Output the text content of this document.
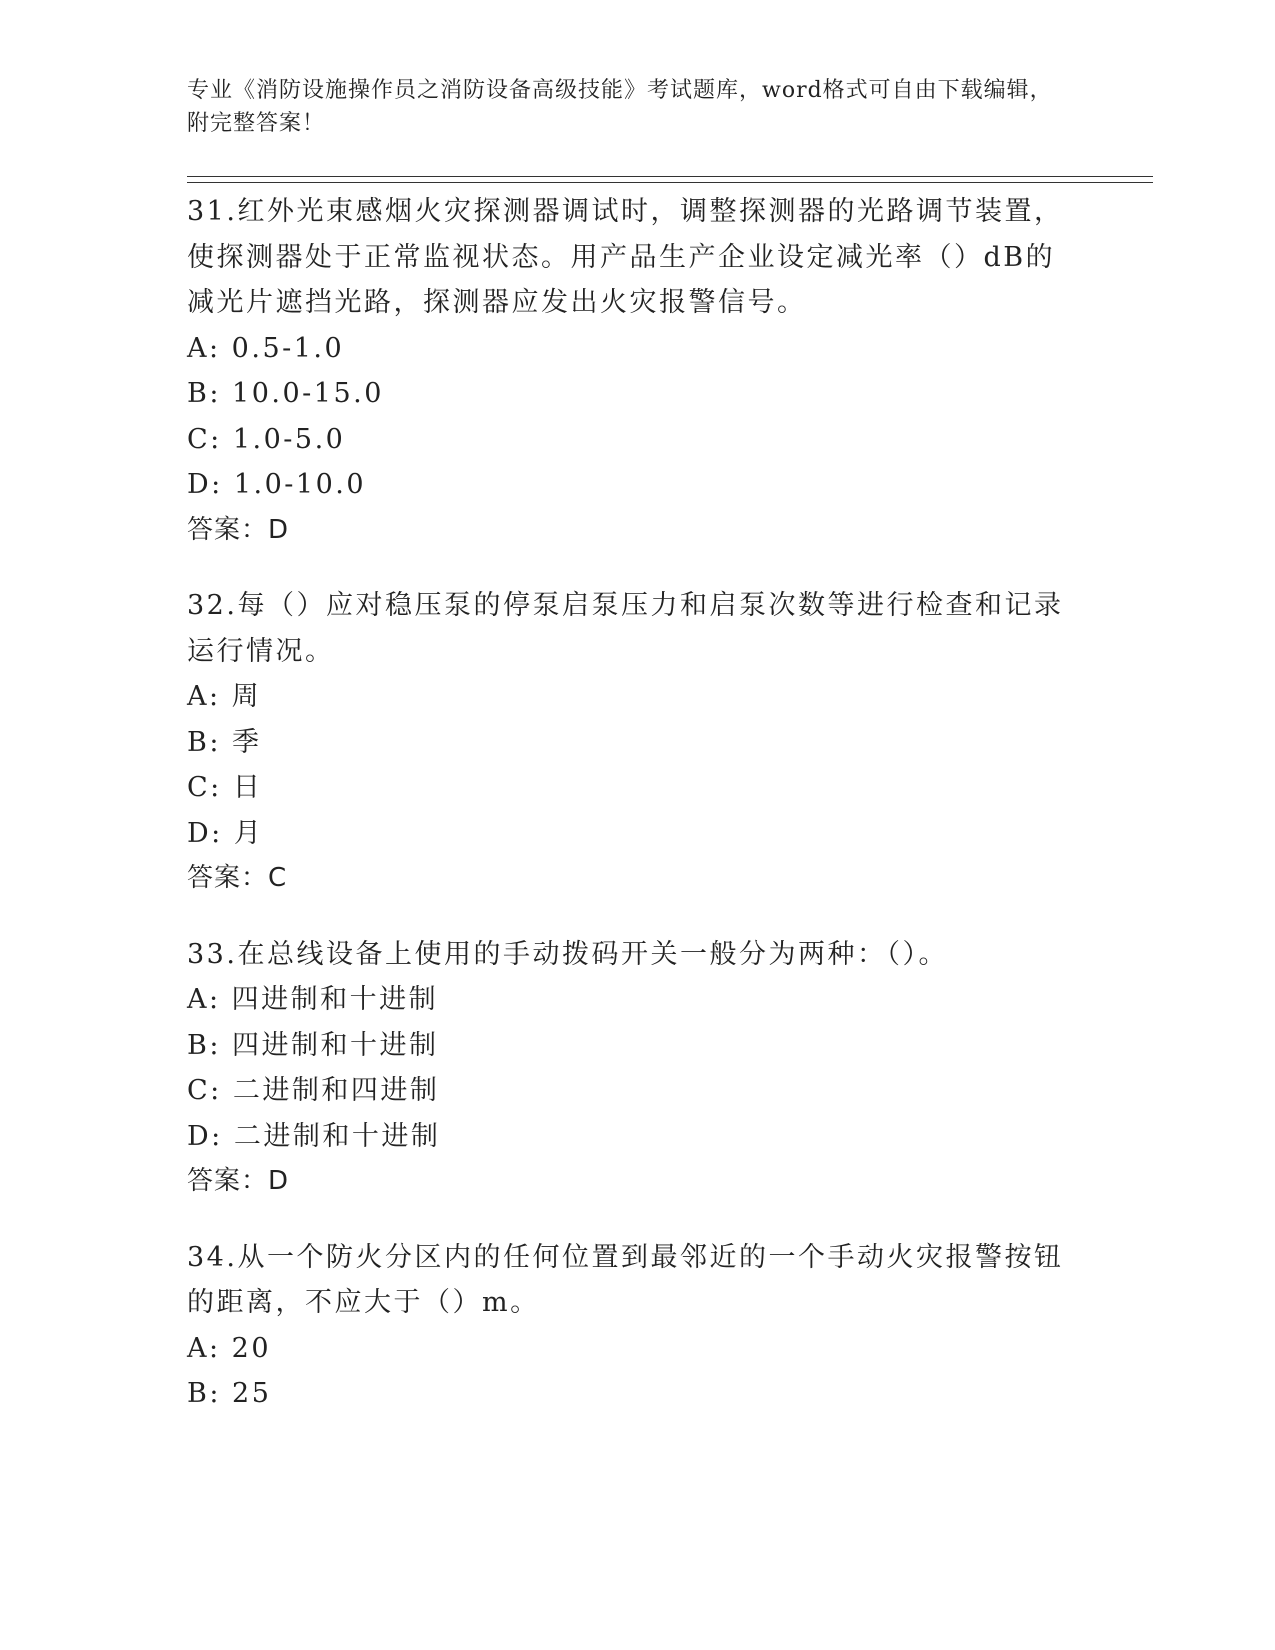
专业《消防设施操作员之消防设备高级技能》考试题库，word格式可自由下载编辑，附完整答案！

31.红外光束感烟火灾探测器调试时，调整探测器的光路调节装置，使探测器处于正常监视状态。用产品生产企业设定减光率（）dB的减光片遮挡光路，探测器应发出火灾报警信号。

A: 0.5-1.0

B: 10.0-15.0

C: 1.0-5.0

D: 1.0-10.0

答案：D

32.每（）应对稳压泵的停泵启泵压力和启泵次数等进行检查和记录运行情况。

A: 周

B: 季

C: 日

D: 月

答案：C

33.在总线设备上使用的手动拨码开关一般分为两种：（）。

A: 四进制和十进制

B: 四进制和十进制

C: 二进制和四进制

D: 二进制和十进制

答案：D

34.从一个防火分区内的任何位置到最邻近的一个手动火灾报警按钮的距离，不应大于（）m。

A: 20

B: 25
